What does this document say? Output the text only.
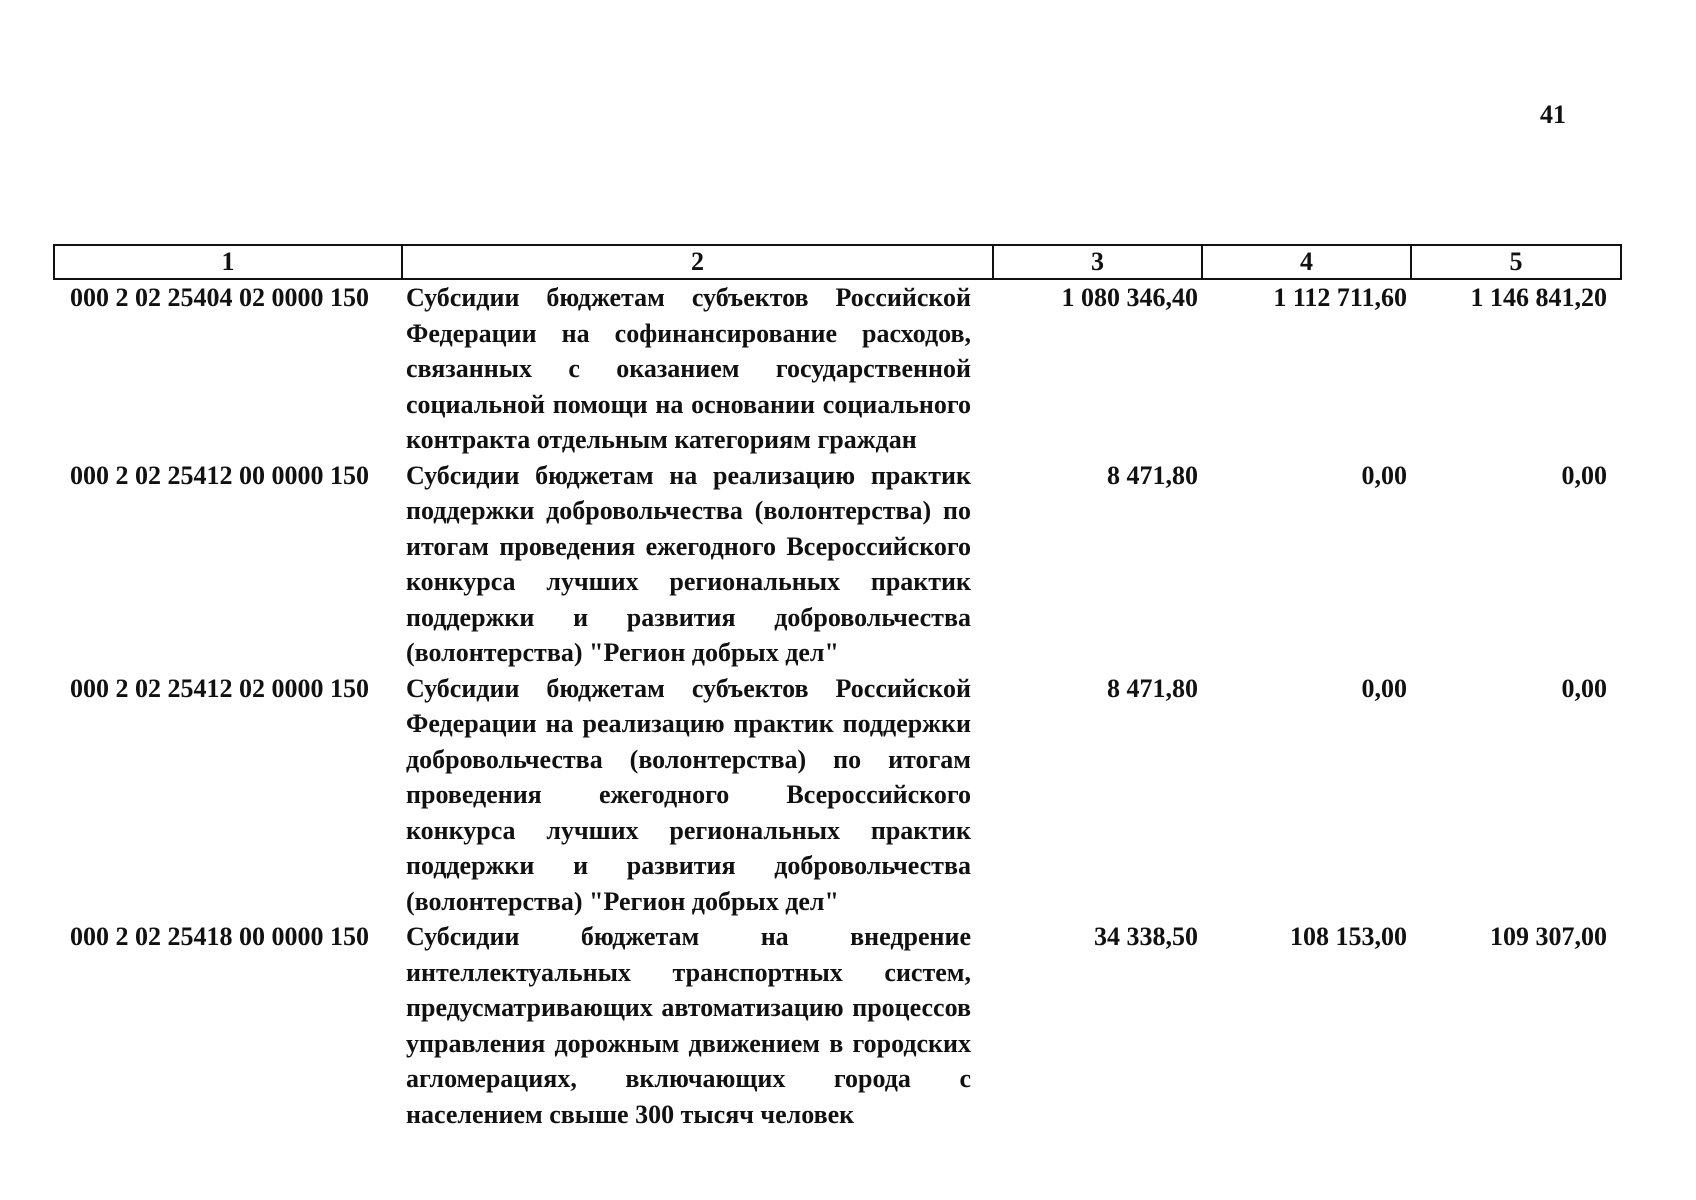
41
1	2	3	4	5
000 2 02 25404 02 0000 150	Субсидии бюджетам субъектов Российской Федерации на софинансирование расходов, связанных с оказанием государственной социальной помощи на основании социального контракта отдельным категориям граждан	1 080 346,40	1 112 711,60	1 146 841,20
000 2 02 25412 00 0000 150	Субсидии бюджетам на реализацию практик поддержки добровольчества (волонтерства) по итогам проведения ежегодного Всероссийского конкурса лучших региональных практик поддержки и развития добровольчества (волонтерства) "Регион добрых дел"	8 471,80	0,00	0,00
000 2 02 25412 02 0000 150	Субсидии бюджетам субъектов Российской Федерации на реализацию практик поддержки добровольчества (волонтерства) по итогам проведения ежегодного Всероссийского конкурса лучших региональных практик поддержки и развития добровольчества (волонтерства) "Регион добрых дел"	8 471,80	0,00	0,00
000 2 02 25418 00 0000 150	Субсидии бюджетам на внедрение интеллектуальных транспортных систем, предусматривающих автоматизацию процессов управления дорожным движением в городских агломерациях, включающих города с населением свыше 300 тысяч человек	34 338,50	108 153,00	109 307,00
